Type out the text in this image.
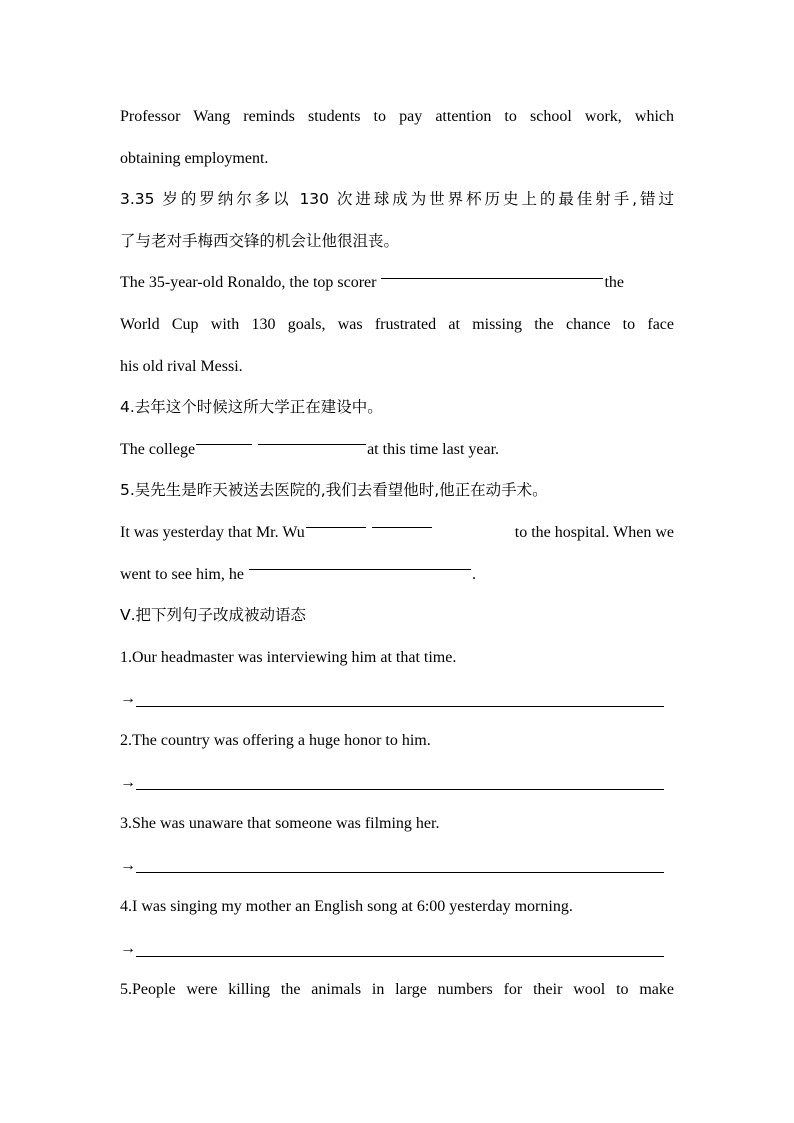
Professor Wang reminds students to pay attention to school work, which
obtaining employment.
3.35 岁的罗纳尔多以 130 次进球成为世界杯历史上的最佳射手,错过
了与老对手梅西交锋的机会让他很沮丧。
The 35-year-old Ronaldo, the top scorer	the
World Cup with 130 goals, was frustrated at missing the chance to face
his old rival Messi.
4.去年这个时候这所大学正在建设中。
The college	at this time last year.
5.吴先生是昨天被送去医院的,我们去看望他时,他正在动手术。
It was yesterday that Mr. Wu	to the hospital. When we
went to see him, he	.
Ⅴ.把下列句子改成被动语态
1.Our headmaster was interviewing him at that time.
→
2.The country was offering a huge honor to him.
→
3.She was unaware that someone was filming her.
→
4.I was singing my mother an English song at 6:00 yesterday morning.
→
5.People were killing the animals in large numbers for their wool to make
